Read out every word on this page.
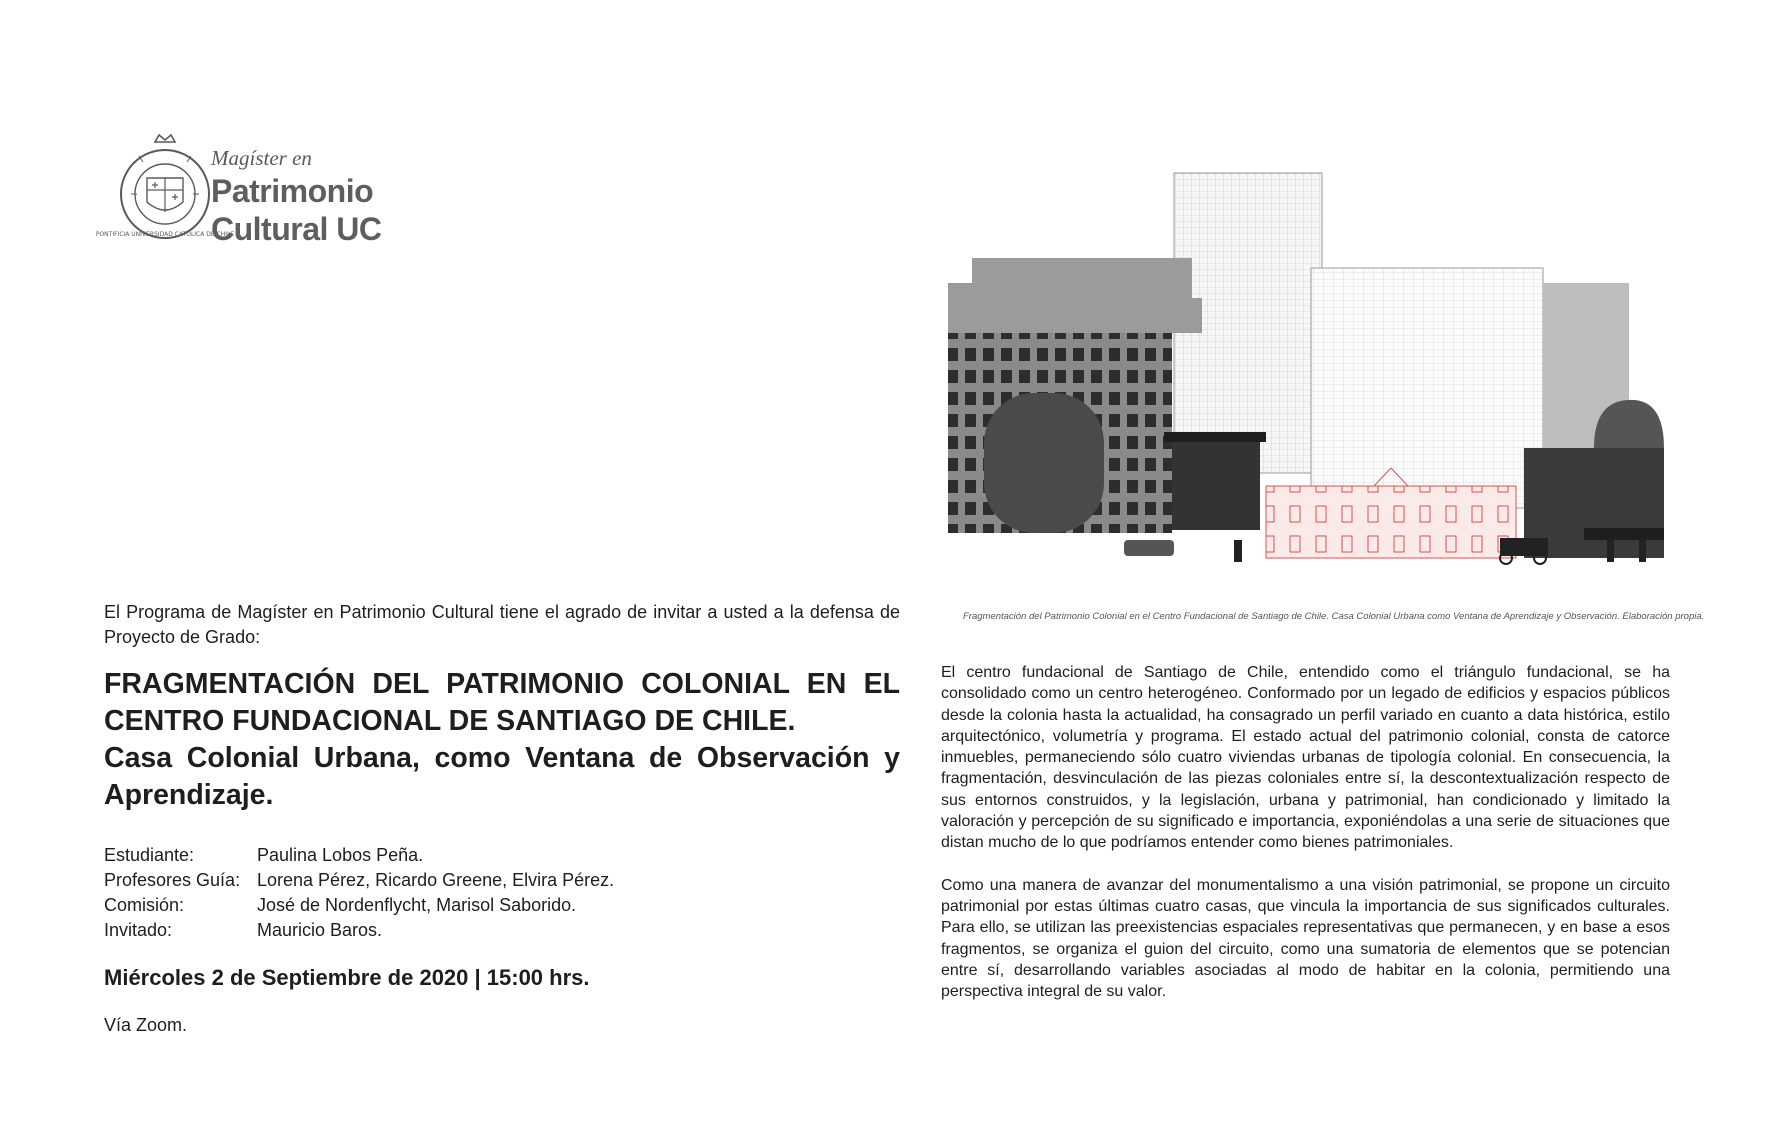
PONTIFICIA UNIVERSIDAD CATÓLICA DE CHILE
Magíster en
Patrimonio
Cultural UC
Fragmentación del Patrimonio Colonial en el Centro Fundacional de Santiago de Chile. Casa Colonial Urbana como Ventana de Aprendizaje y Observación. Elaboración propia.
El Programa de Magíster en Patrimonio Cultural tiene el agrado de invitar a usted a la defensa de Proyecto de Grado:
FRAGMENTACIÓN DEL PATRIMONIO COLONIAL EN EL CENTRO FUNDACIONAL DE SANTIAGO DE CHILE.
Casa Colonial Urbana, como Ventana de Observación y Aprendizaje.
Estudiante:	Paulina Lobos Peña.
Profesores Guía: Lorena Pérez, Ricardo Greene, Elvira Pérez.
Comisión:	José de Nordenflycht, Marisol Saborido.
Invitado:	Mauricio Baros.
Miércoles 2 de Septiembre de 2020 | 15:00 hrs.
Vía Zoom.

El centro fundacional de Santiago de Chile, entendido como el triángulo fundacional, se ha consolidado como un centro heterogéneo. Conformado por un legado de edificios y espacios públicos desde la colonia hasta la actualidad, ha consagrado un perfil variado en cuanto a data histórica, estilo arquitectónico, volumetría y programa. El estado actual del patrimonio colonial, consta de catorce inmuebles, permaneciendo sólo cuatro viviendas urbanas de tipología colonial. En consecuencia, la fragmentación, desvinculación de las piezas coloniales entre sí, la descontextualización respecto de sus entornos construidos, y la legislación, urbana y patrimonial, han condicionado y limitado la valoración y percepción de su significado e importancia, exponiéndolas a una serie de situaciones que distan mucho de lo que podríamos entender como bienes patrimoniales.

Como una manera de avanzar del monumentalismo a una visión patrimonial, se propone un circuito patrimonial por estas últimas cuatro casas, que vincula la importancia de sus significados culturales. Para ello, se utilizan las preexistencias espaciales representativas que permanecen, y en base a esos fragmentos, se organiza el guion del circuito, como una sumatoria de elementos que se potencian entre sí, desarrollando variables asociadas al modo de habitar en la colonia, permitiendo una perspectiva integral de su valor.
